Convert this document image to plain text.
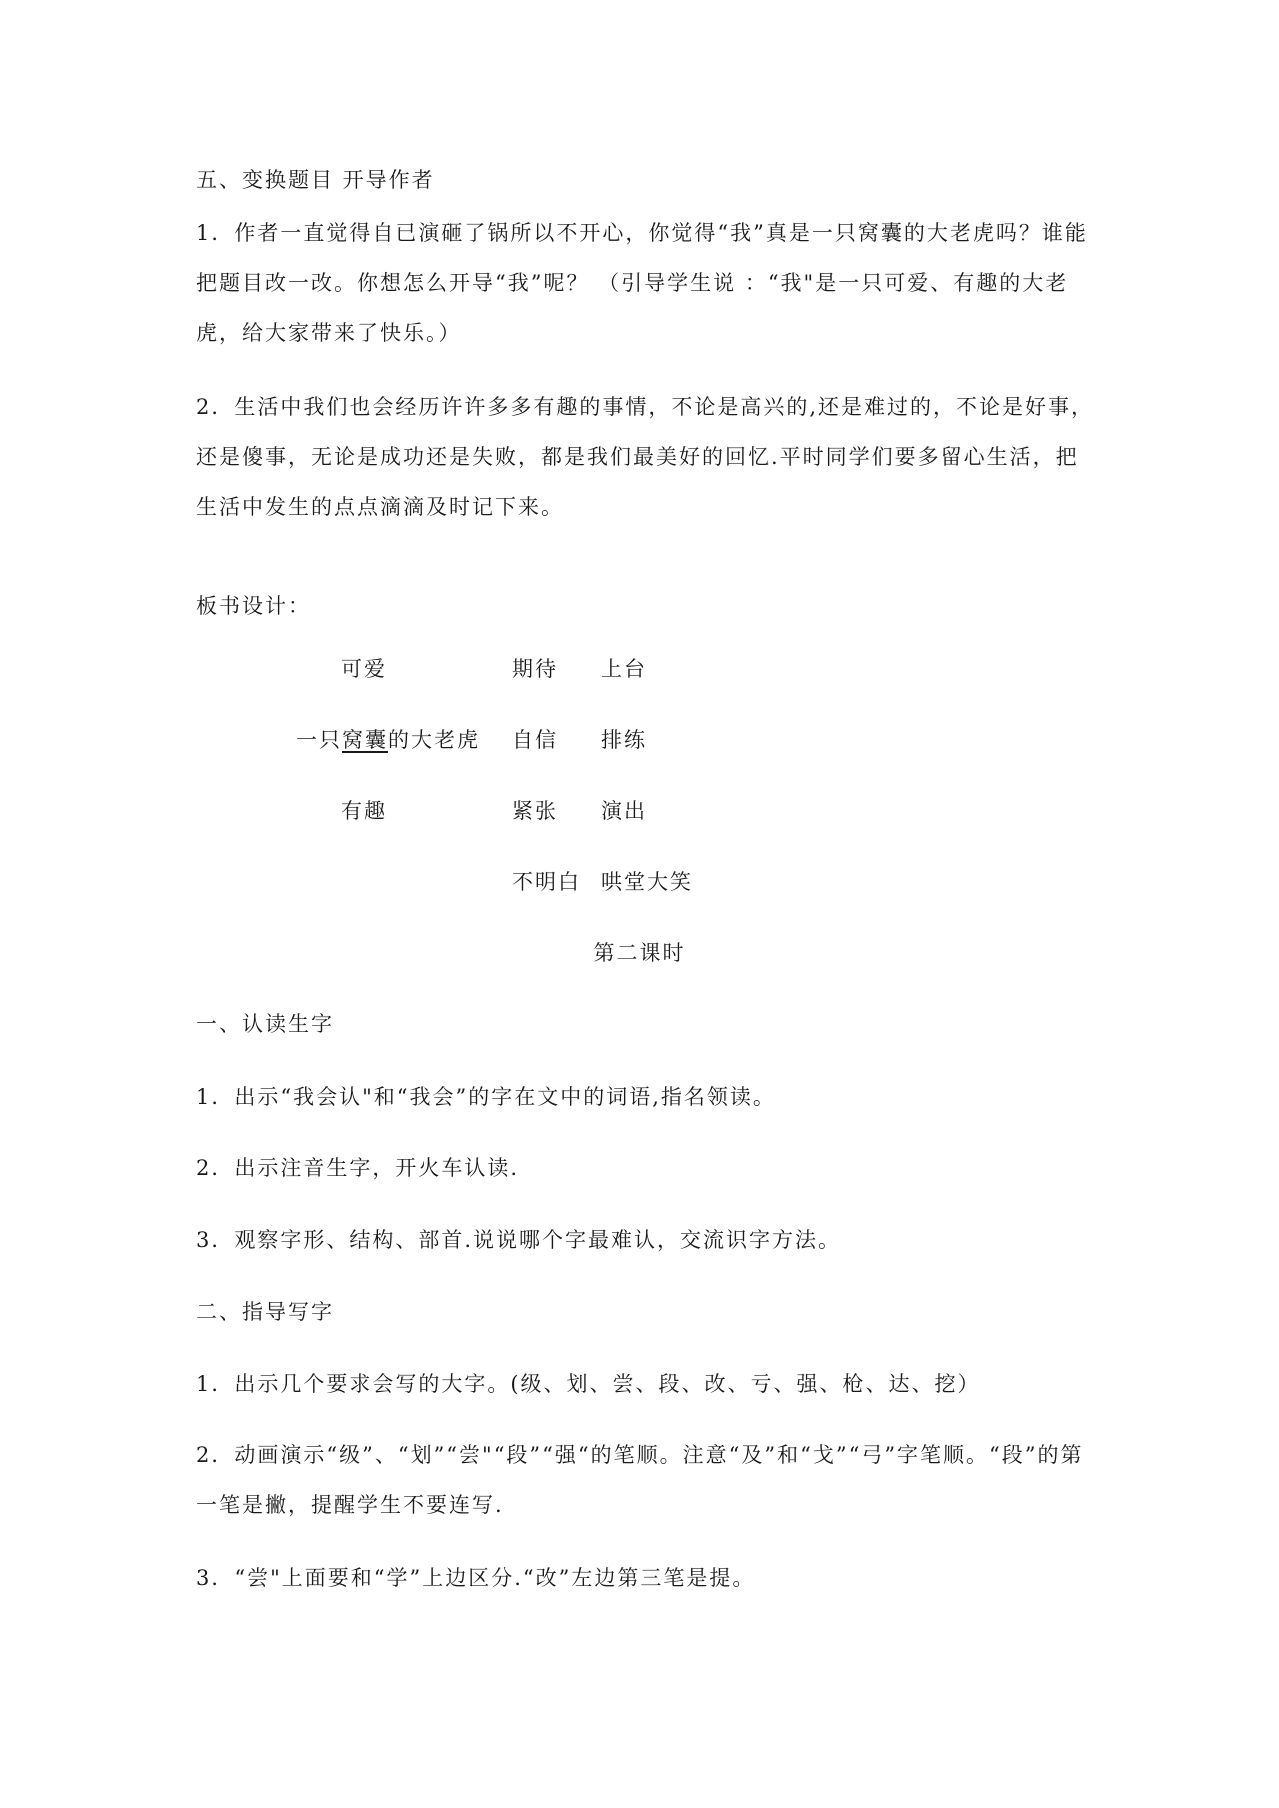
五、变换题目 开导作者
1．作者一直觉得自已演砸了锅所以不开心，你觉得“我”真是一只窝囊的大老虎吗？谁能把题目改一改。你想怎么开导“我”呢？ （引导学生说 ：“我"是一只可爱、有趣的大老虎，给大家带来了快乐。）
2．生活中我们也会经历许许多多有趣的事情，不论是高兴的,还是难过的，不论是好事，还是傻事，无论是成功还是失败，都是我们最美好的回忆.平时同学们要多留心生活，把生活中发生的点点滴滴及时记下来。
板书设计：
可爱
一只窝囊的大老虎
有趣
期待
自信
紧张
不明白
上台
排练
演出
哄堂大笑
第二课时
一、认读生字
1．出示“我会认"和“我会”的字在文中的词语,指名领读。
2．出示注音生字，开火车认读.
3．观察字形、结构、部首.说说哪个字最难认，交流识字方法。
二、指导写字
1．出示几个要求会写的大字。(级、划、尝、段、改、亏、强、枪、达、挖）
2．动画演示“级”、“划”“尝"“段”“强“的笔顺。注意“及”和“戈”“弓”字笔顺。“段”的第一笔是撇，提醒学生不要连写.
3．“尝"上面要和“学”上边区分.“改”左边第三笔是提。
